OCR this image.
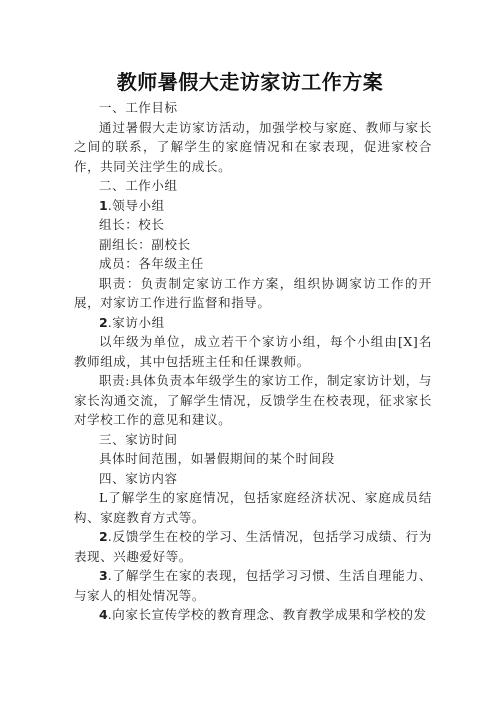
教师暑假大走访家访工作方案

一、工作目标

通过暑假大走访家访活动，加强学校与家庭、教师与家长之间的联系，了解学生的家庭情况和在家表现，促进家校合作，共同关注学生的成长。

二、工作小组

1.领导小组

组长：校长

副组长：副校长

成员：各年级主任

职责：负责制定家访工作方案，组织协调家访工作的开展，对家访工作进行监督和指导。

2.家访小组

以年级为单位，成立若干个家访小组，每个小组由[X]名教师组成，其中包括班主任和任课教师。

职责:具体负责本年级学生的家访工作，制定家访计划，与家长沟通交流，了解学生情况，反馈学生在校表现，征求家长对学校工作的意见和建议。

三、家访时间

具体时间范围，如暑假期间的某个时间段

四、家访内容

L了解学生的家庭情况，包括家庭经济状况、家庭成员结构、家庭教育方式等。

2.反馈学生在校的学习、生活情况，包括学习成绩、行为表现、兴趣爱好等。

3.了解学生在家的表现，包括学习习惯、生活自理能力、与家人的相处情况等。

4.向家长宣传学校的教育理念、教育教学成果和学校的发
